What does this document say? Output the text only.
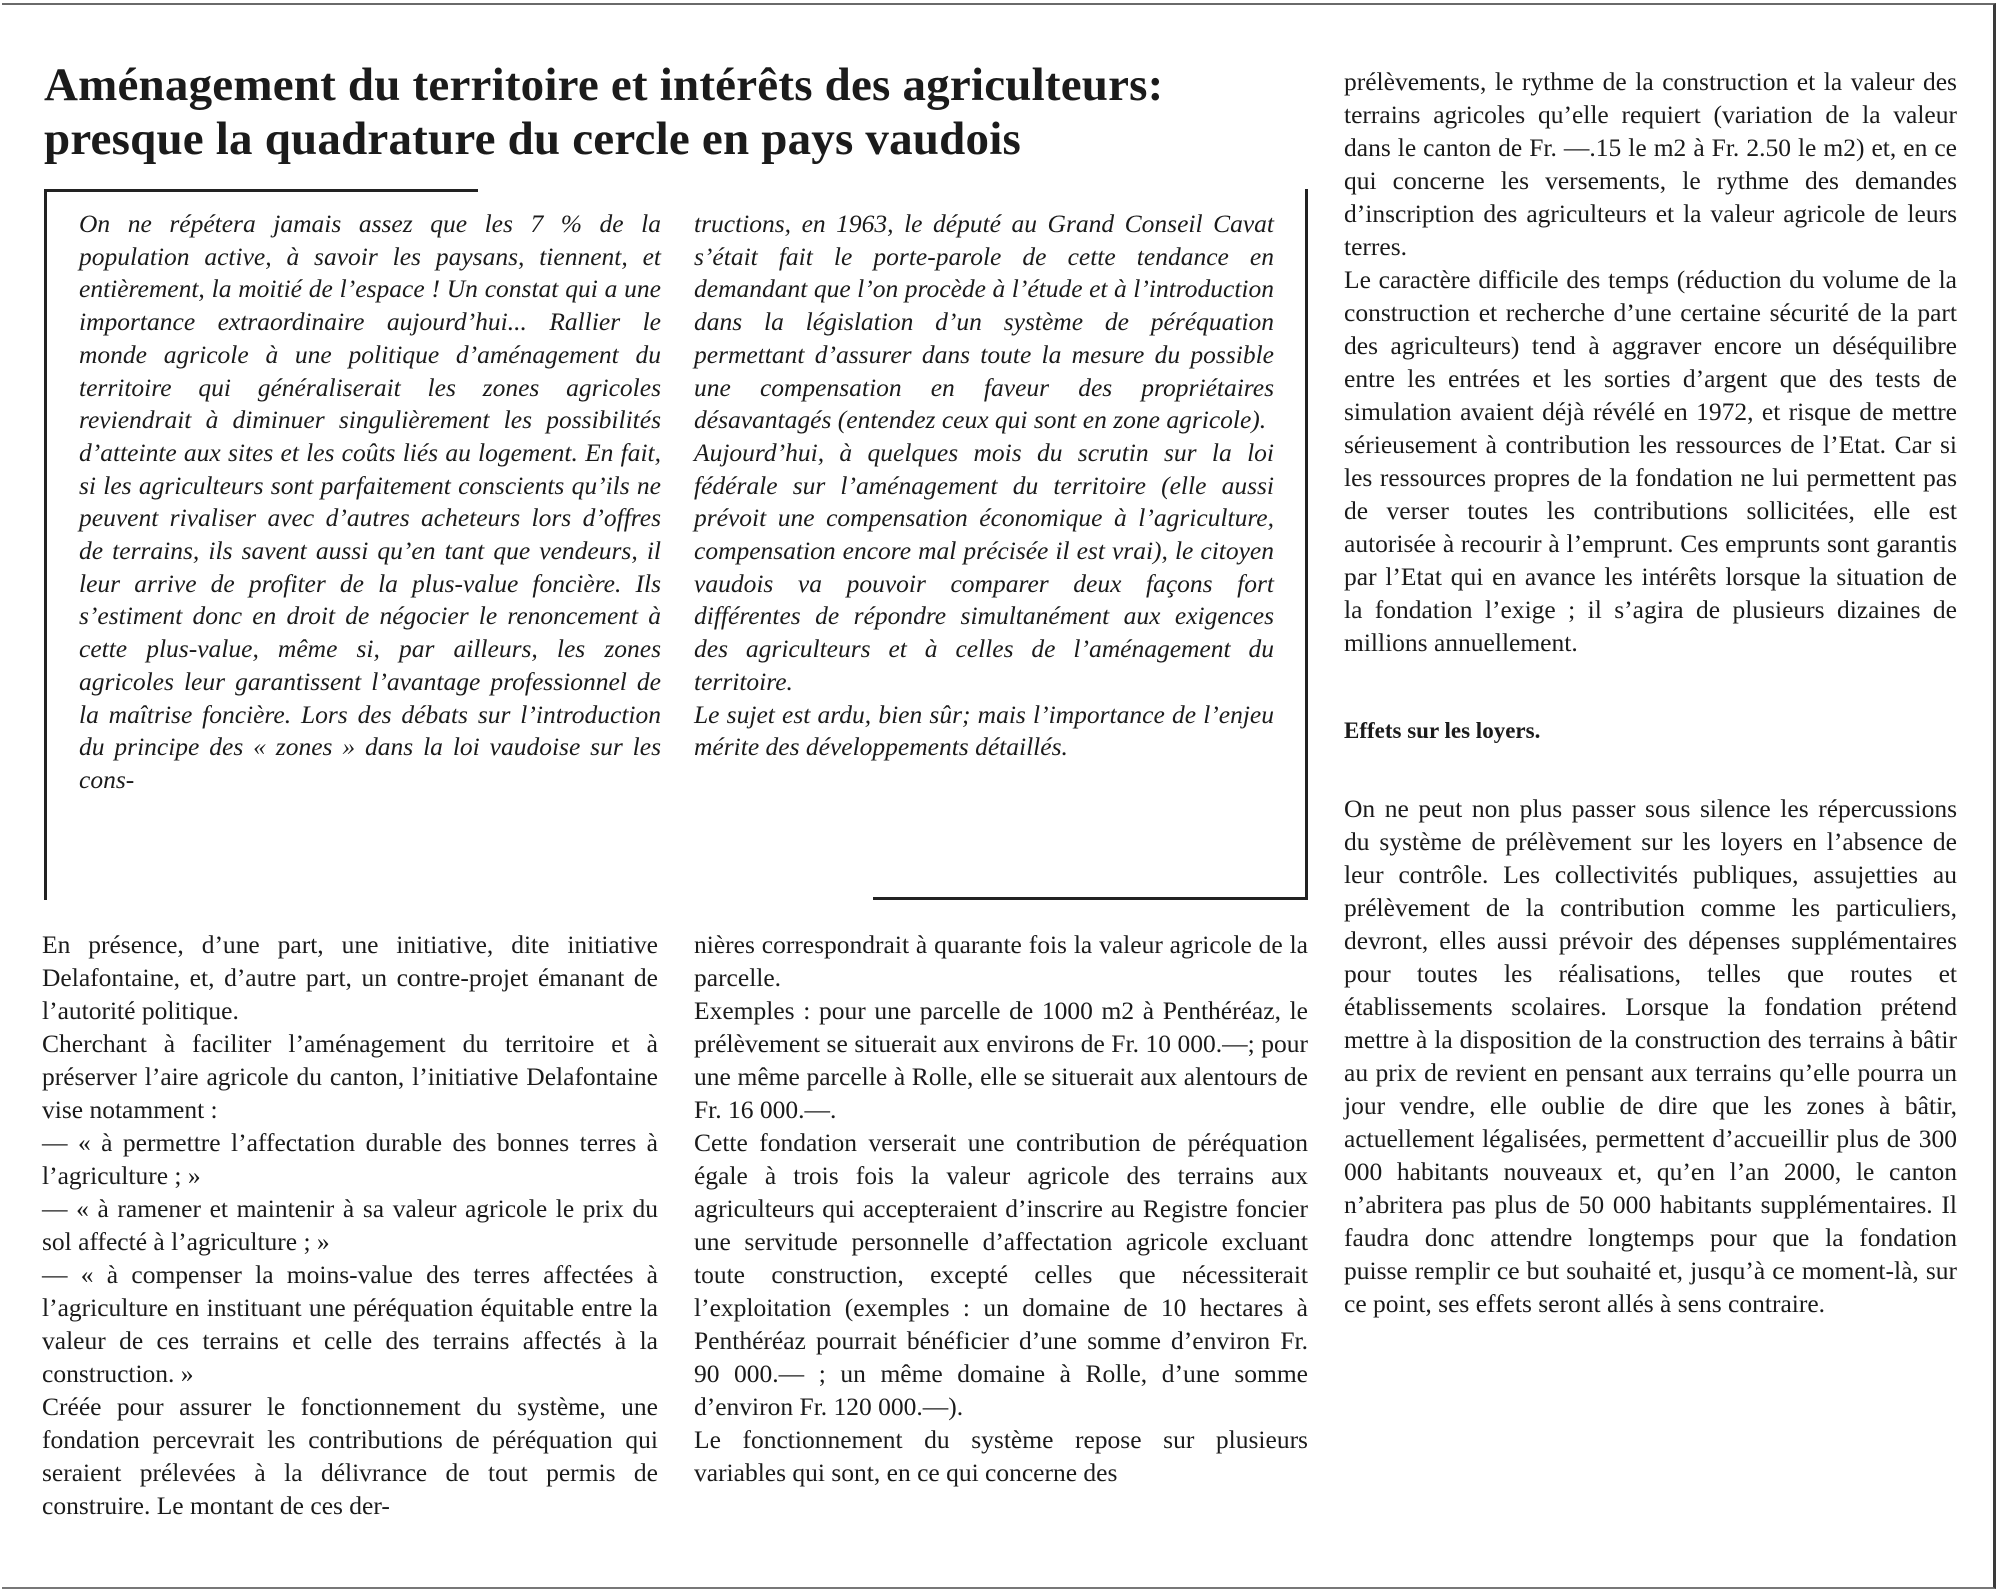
Aménagement du territoire et intérêts des agriculteurs:
presque la quadrature du cercle en pays vaudois

On ne répétera jamais assez que les 7 % de la population active, à savoir les paysans, tiennent, et entièrement, la moitié de l’espace ! Un constat qui a une importance extraordinaire aujourd’hui... Rallier le monde agricole à une politique d’aménagement du territoire qui généraliserait les zones agricoles reviendrait à diminuer singulièrement les possibilités d’atteinte aux sites et les coûts liés au logement. En fait, si les agriculteurs sont parfaitement conscients qu’ils ne peuvent rivaliser avec d’autres acheteurs lors d’offres de terrains, ils savent aussi qu’en tant que vendeurs, il leur arrive de profiter de la plus-value foncière. Ils s’estiment donc en droit de négocier le renoncement à cette plus-value, même si, par ailleurs, les zones agricoles leur garantissent l’avantage professionnel de la maîtrise foncière. Lors des débats sur l’introduction du principe des « zones » dans la loi vaudoise sur les cons-

tructions, en 1963, le député au Grand Conseil Cavat s’était fait le porte-parole de cette tendance en demandant que l’on procède à l’étude et à l’introduction dans la législation d’un système de péréquation permettant d’assurer dans toute la mesure du possible une compensation en faveur des propriétaires désavantagés (entendez ceux qui sont en zone agricole).

Aujourd’hui, à quelques mois du scrutin sur la loi fédérale sur l’aménagement du territoire (elle aussi prévoit une compensation économique à l’agriculture, compensation encore mal précisée il est vrai), le citoyen vaudois va pouvoir comparer deux façons fort différentes de répondre simultanément aux exigences des agriculteurs et à celles de l’aménagement du territoire.

Le sujet est ardu, bien sûr; mais l’importance de l’enjeu mérite des développements détaillés.

En présence, d’une part, une initiative, dite initiative Delafontaine, et, d’autre part, un contre-projet émanant de l’autorité politique.

Cherchant à faciliter l’aménagement du territoire et à préserver l’aire agricole du canton, l’initiative Delafontaine vise notamment :

— « à permettre l’affectation durable des bonnes terres à l’agriculture ; »

— « à ramener et maintenir à sa valeur agricole le prix du sol affecté à l’agriculture ; »

— « à compenser la moins-value des terres affectées à l’agriculture en instituant une péréquation équitable entre la valeur de ces terrains et celle des terrains affectés à la construction. »

Créée pour assurer le fonctionnement du système, une fondation percevrait les contributions de péréquation qui seraient prélevées à la délivrance de tout permis de construire. Le montant de ces der-

nières correspondrait à quarante fois la valeur agricole de la parcelle.

Exemples : pour une parcelle de 1000 m2 à Penthéréaz, le prélèvement se situerait aux environs de Fr. 10 000.—; pour une même parcelle à Rolle, elle se situerait aux alentours de Fr. 16 000.—.

Cette fondation verserait une contribution de péréquation égale à trois fois la valeur agricole des terrains aux agriculteurs qui accepteraient d’inscrire au Registre foncier une servitude personnelle d’affectation agricole excluant toute construction, excepté celles que nécessiterait l’exploitation (exemples : un domaine de 10 hectares à Penthéréaz pourrait bénéficier d’une somme d’environ Fr. 90 000.— ; un même domaine à Rolle, d’une somme d’environ Fr. 120 000.—).

Le fonctionnement du système repose sur plusieurs variables qui sont, en ce qui concerne des

prélèvements, le rythme de la construction et la valeur des terrains agricoles qu’elle requiert (variation de la valeur dans le canton de Fr. —.15 le m2 à Fr. 2.50 le m2) et, en ce qui concerne les versements, le rythme des demandes d’inscription des agriculteurs et la valeur agricole de leurs terres.

Le caractère difficile des temps (réduction du volume de la construction et recherche d’une certaine sécurité de la part des agriculteurs) tend à aggraver encore un déséquilibre entre les entrées et les sorties d’argent que des tests de simulation avaient déjà révélé en 1972, et risque de mettre sérieusement à contribution les ressources de l’Etat. Car si les ressources propres de la fondation ne lui permettent pas de verser toutes les contributions sollicitées, elle est autorisée à recourir à l’emprunt. Ces emprunts sont garantis par l’Etat qui en avance les intérêts lorsque la situation de la fondation l’exige ; il s’agira de plusieurs dizaines de millions annuellement.

Effets sur les loyers.

On ne peut non plus passer sous silence les répercussions du système de prélèvement sur les loyers en l’absence de leur contrôle. Les collectivités publiques, assujetties au prélèvement de la contribution comme les particuliers, devront, elles aussi prévoir des dépenses supplémentaires pour toutes les réalisations, telles que routes et établissements scolaires. Lorsque la fondation prétend mettre à la disposition de la construction des terrains à bâtir au prix de revient en pensant aux terrains qu’elle pourra un jour vendre, elle oublie de dire que les zones à bâtir, actuellement légalisées, permettent d’accueillir plus de 300 000 habitants nouveaux et, qu’en l’an 2000, le canton n’abritera pas plus de 50 000 habitants supplémentaires. Il faudra donc attendre longtemps pour que la fondation puisse remplir ce but souhaité et, jusqu’à ce moment-là, sur ce point, ses effets seront allés à sens contraire.
